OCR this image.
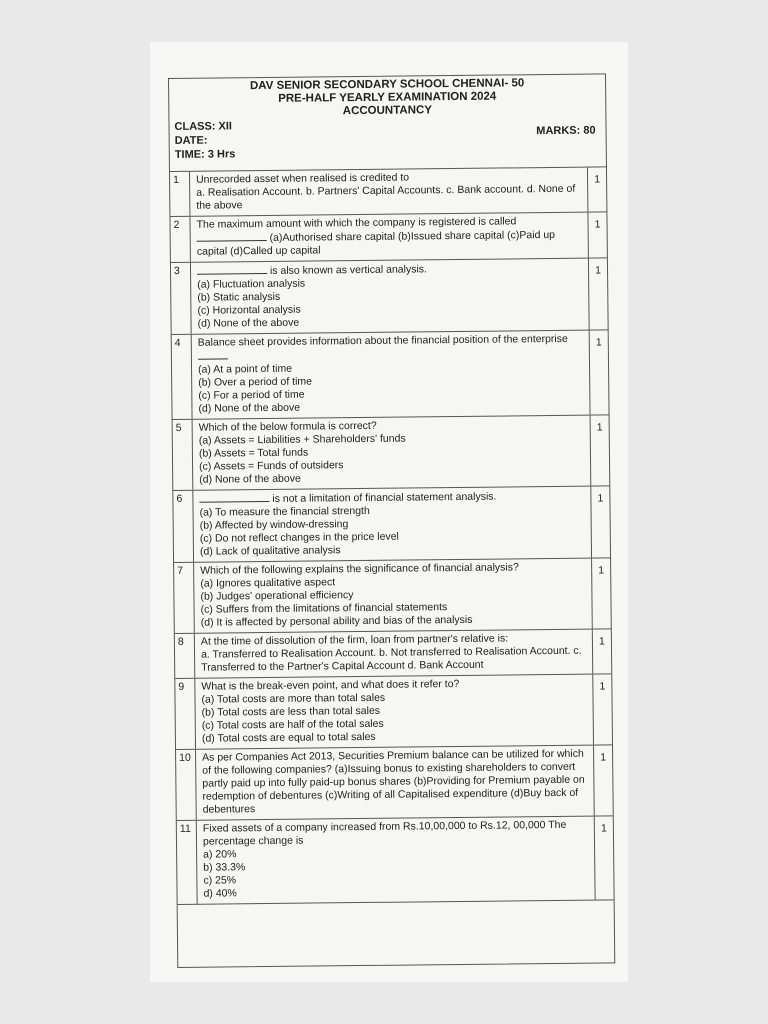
DAV SENIOR SECONDARY SCHOOL CHENNAI- 50
PRE-HALF YEARLY EXAMINATION 2024
ACCOUNTANCY
CLASS: XII
DATE:
TIME: 3 Hrs
MARKS: 80
1	Unrecorded asset when realised is credited to
a. Realisation Account. b. Partners' Capital Accounts. c. Bank account. d. None of the above
1
2	The maximum amount with which the company is registered is called  (a)Authorised share capital (b)Issued share capital (c)Paid up capital (d)Called up capital
1
3	is also known as vertical analysis.
(a) Fluctuation analysis
(b) Static analysis
(c) Horizontal analysis
(d) None of the above
1
4	Balance sheet provides information about the financial position of the enterprise
(a) At a point of time
(b) Over a period of time
(c) For a period of time
(d) None of the above
1
5	Which of the below formula is correct?
(a) Assets = Liabilities + Shareholders' funds
(b) Assets = Total funds
(c) Assets = Funds of outsiders
(d) None of the above
1
6	is not a limitation of financial statement analysis.
(a) To measure the financial strength
(b) Affected by window-dressing
(c) Do not reflect changes in the price level
(d) Lack of qualitative analysis
1
7	Which of the following explains the significance of financial analysis?
(a) Ignores qualitative aspect
(b) Judges' operational efficiency
(c) Suffers from the limitations of financial statements
(d) It is affected by personal ability and bias of the analysis
1
8	At the time of dissolution of the firm, loan from partner's relative is:
a. Transferred to Realisation Account. b. Not transferred to Realisation Account. c. Transferred to the Partner's Capital Account d. Bank Account
1
9	What is the break-even point, and what does it refer to?
(a) Total costs are more than total sales
(b) Total costs are less than total sales
(c) Total costs are half of the total sales
(d) Total costs are equal to total sales
1
10	As per Companies Act 2013, Securities Premium balance can be utilized for which of the following companies? (a)Issuing bonus to existing shareholders to convert partly paid up into fully paid-up bonus shares (b)Providing for Premium payable on redemption of debentures (c)Writing of all Capitalised expenditure (d)Buy back of debentures
1
11	Fixed assets of a company increased from Rs.10,00,000 to Rs.12, 00,000 The percentage change is
a) 20%
b) 33.3%
c) 25%
d) 40%
1
